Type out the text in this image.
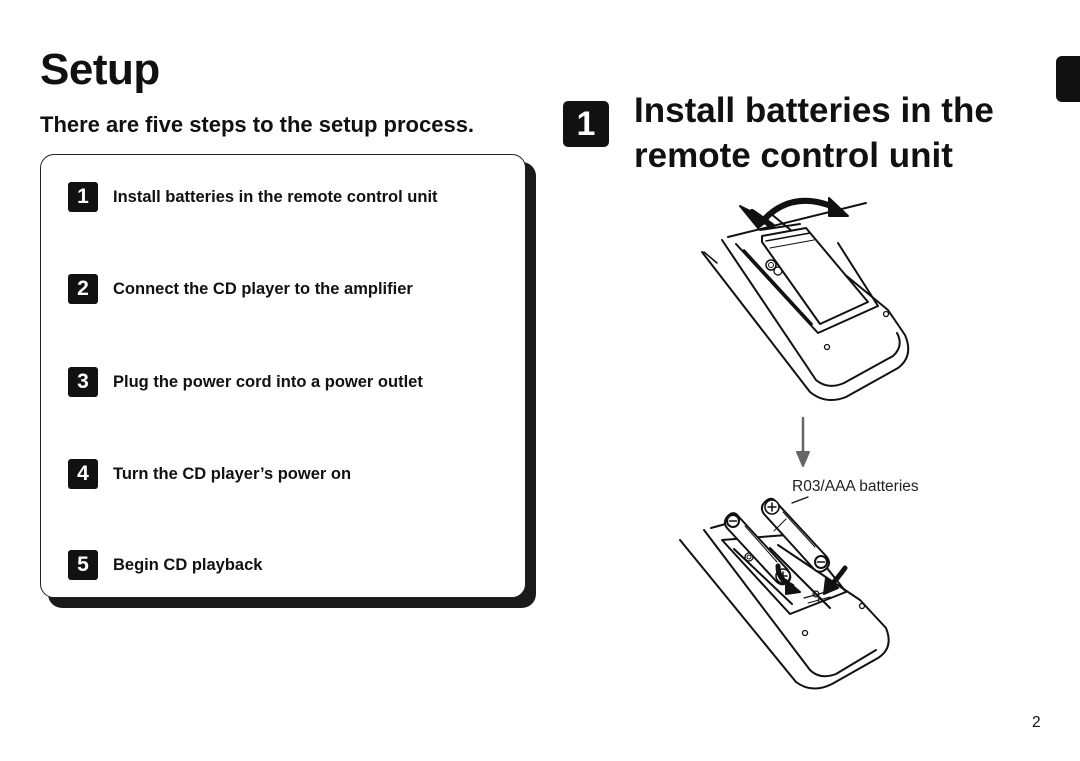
Setup
There are five steps to the setup process.
1	Install batteries in the remote control unit
2	Connect the CD player to the amplifier
3	Plug the power cord into a power outlet
4	Turn the CD player’s power on
5	Begin CD playback
1	Install batteries in the
remote control unit
R03/AAA batteries
2
